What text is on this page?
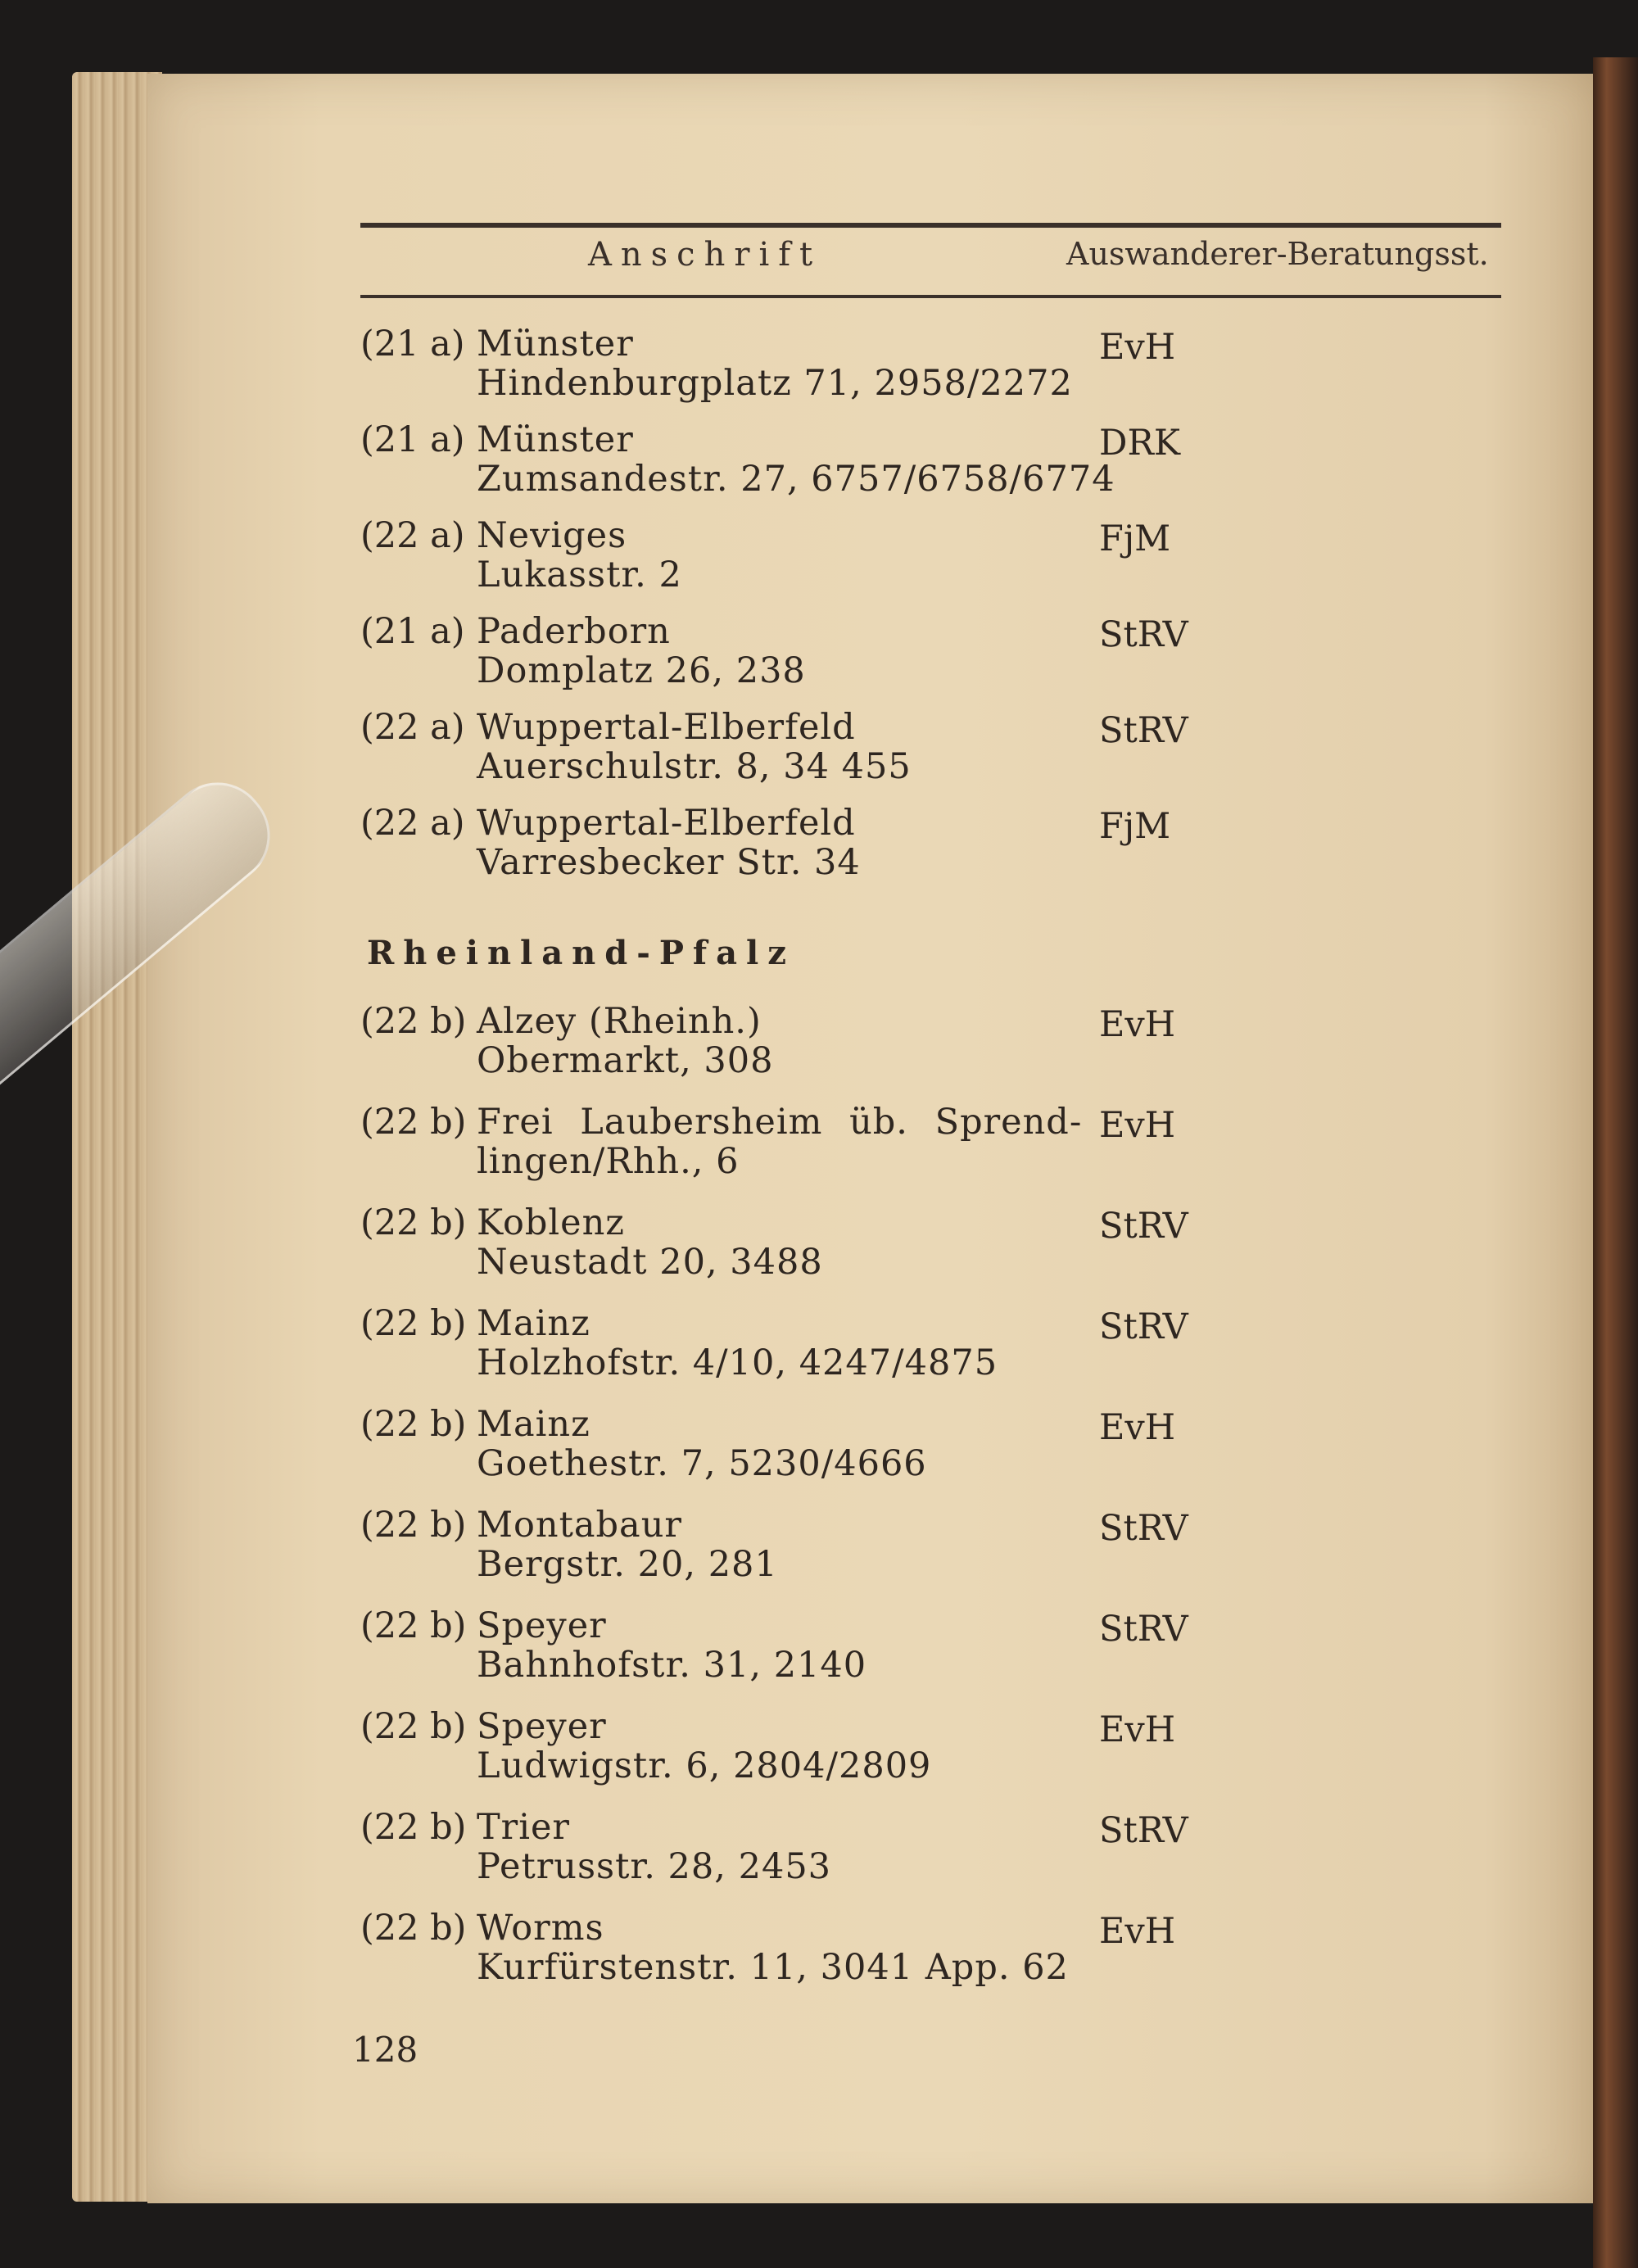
Anschrift	Auswanderer-Beratungsst.
(21 a) Münster
Hindenburgplatz 71, 2958/2272
EvH
(21 a) Münster
Zumsandestr. 27, 6757/6758/6774
DRK
(22 a) Neviges
Lukasstr. 2
FjM
(21 a) Paderborn
Domplatz 26, 238
StRV
(22 a) Wuppertal-Elberfeld
Auerschulstr. 8, 34 455
StRV
(22 a) Wuppertal-Elberfeld
Varresbecker Str. 34
FjM
Rheinland-Pfalz
(22 b) Alzey (Rheinh.)
Obermarkt, 308
EvH
(22 b) Frei Laubersheim üb. Sprend-
lingen/Rhh., 6
EvH
(22 b) Koblenz
Neustadt 20, 3488
StRV
(22 b) Mainz
Holzhofstr. 4/10, 4247/4875
StRV
(22 b) Mainz
Goethestr. 7, 5230/4666
EvH
(22 b) Montabaur
Bergstr. 20, 281
StRV
(22 b) Speyer
Bahnhofstr. 31, 2140
StRV
(22 b) Speyer
Ludwigstr. 6, 2804/2809
EvH
(22 b) Trier
Petrusstr. 28, 2453
StRV
(22 b) Worms
Kurfürstenstr. 11, 3041 App. 62
EvH
128
